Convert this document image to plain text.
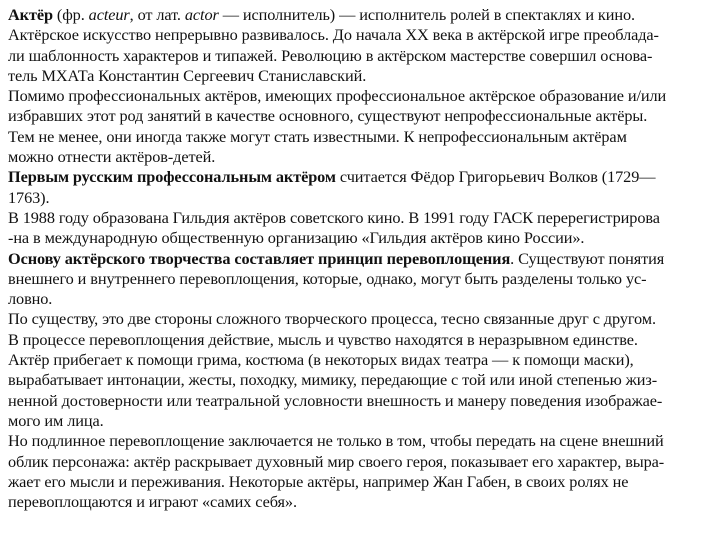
Актёр (фр. acteur, от лат. actor — исполнитель) — исполнитель ролей в спектаклях и кино.
Актёрское искусство непрерывно развивалось. До начала XX века в актёрской игре преоблада-
ли шаблонность характеров и типажей. Революцию в актёрском мастерстве совершил основа-
тель МХАТа Константин Сергеевич Станиславский.
Помимо профессиональных актёров, имеющих профессиональное актёрское образование и/или
избравших этот род занятий в качестве основного, существуют непрофессиональные актёры.
Тем не менее, они иногда также могут стать известными. К непрофессиональным актёрам
можно отнести актёров-детей.
Первым русским профессональным актёром считается Фёдор Григорьевич Волков (1729—
1763).
В 1988 году образована Гильдия актёров советского кино. В 1991 году ГАСК перерегистрирова
-на в международную общественную организацию «Гильдия актёров кино России».
Основу актёрского творчества составляет принцип перевоплощения. Существуют понятия
внешнего и внутреннего перевоплощения, которые, однако, могут быть разделены только ус-
ловно.
По существу, это две стороны сложного творческого процесса, тесно связанные друг с другом.
В процессе перевоплощения действие, мысль и чувство находятся в неразрывном единстве.
Актёр прибегает к помощи грима, костюма (в некоторых видах театра — к помощи маски),
вырабатывает интонации, жесты, походку, мимику, передающие с той или иной степенью жиз-
ненной достоверности или театральной условности внешность и манеру поведения изображае-
мого им лица.
Но подлинное перевоплощение заключается не только в том, чтобы передать на сцене внешний
облик персонажа: актёр раскрывает духовный мир своего героя, показывает его характер, выра-
жает его мысли и переживания. Некоторые актёры, например Жан Габен, в своих ролях не
перевоплощаются и играют «самих себя».
